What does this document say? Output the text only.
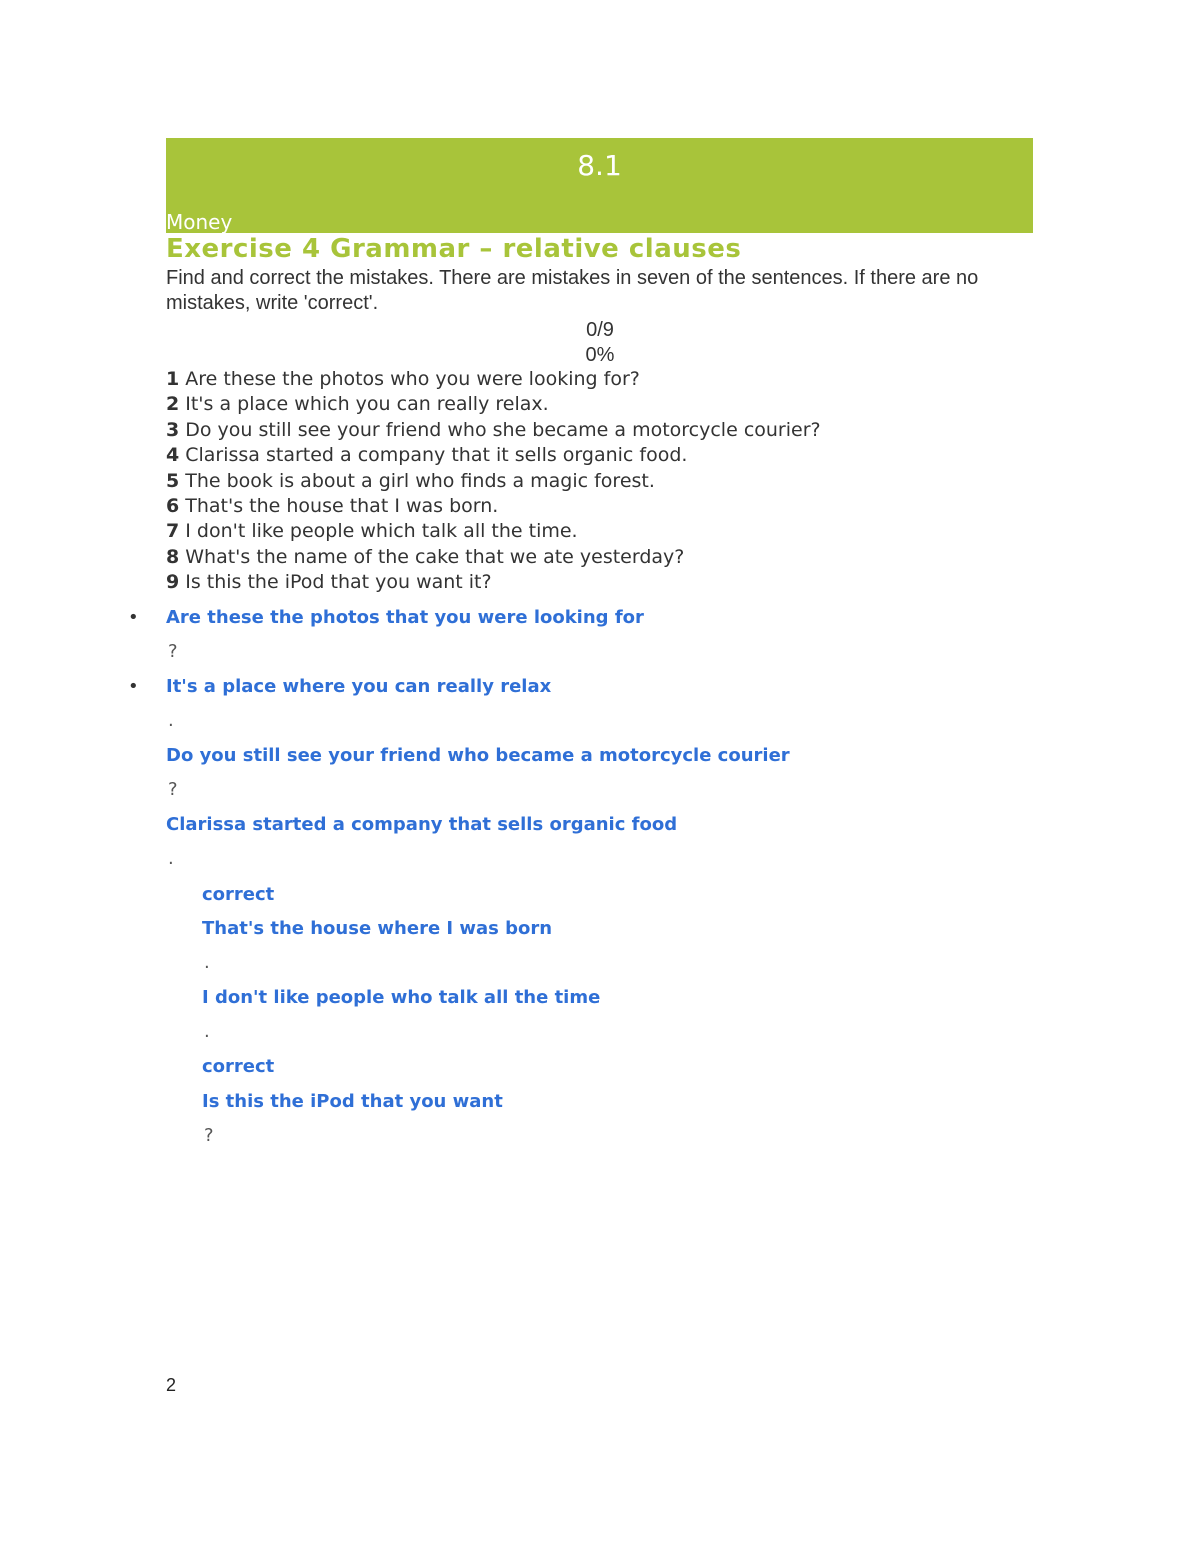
8.1
Money
Exercise 4 Grammar – relative clauses

Find and correct the mistakes. There are mistakes in seven of the sentences. If there are no mistakes, write 'correct'.

0/9
0%
1 Are these the photos who you were looking for?
2 It's a place which you can really relax.
3 Do you still see your friend who she became a motorcycle courier?
4 Clarissa started a company that it sells organic food.
5 The book is about a girl who finds a magic forest.
6 That's the house that I was born.
7 I don't like people which talk all the time.
8 What's the name of the cake that we ate yesterday?
9 Is this the iPod that you want it?
• Are these the photos that you were looking for
?
• It's a place where you can really relax
.
Do you still see your friend who became a motorcycle courier
?
Clarissa started a company that sells organic food
.
correct
That's the house where I was born
.
I don't like people who talk all the time
.
correct
Is this the iPod that you want
?
2
